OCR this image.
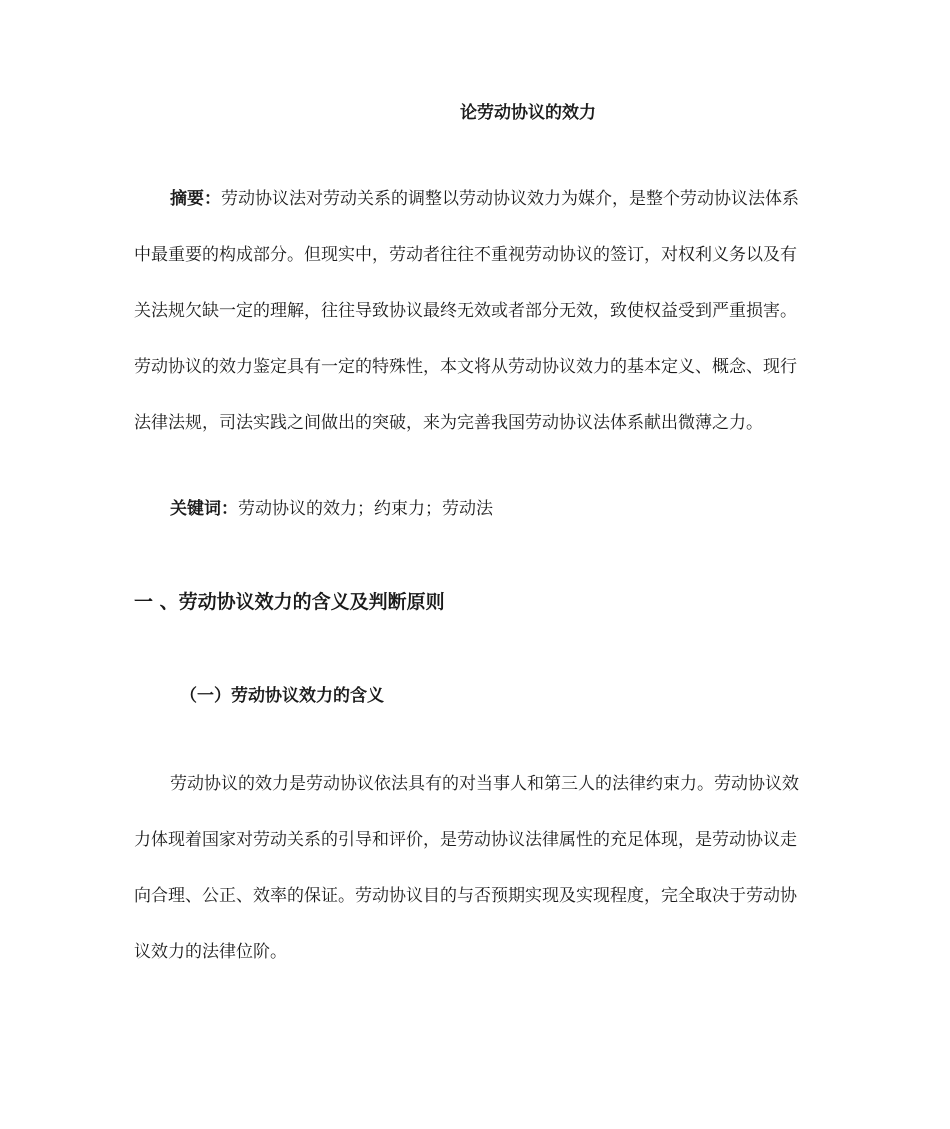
论劳动协议的效力
摘要：劳动协议法对劳动关系的调整以劳动协议效力为媒介，是整个劳动协议法体系
中最重要的构成部分。但现实中，劳动者往往不重视劳动协议的签订，对权利义务以及有
关法规欠缺一定的理解，往往导致协议最终无效或者部分无效，致使权益受到严重损害。
劳动协议的效力鉴定具有一定的特殊性，本文将从劳动协议效力的基本定义、概念、现行
法律法规，司法实践之间做出的突破，来为完善我国劳动协议法体系献出微薄之力。

关键词：劳动协议的效力；约束力；劳动法

一 、劳动协议效力的含义及判断原则
（一）劳动协议效力的含义
劳动协议的效力是劳动协议依法具有的对当事人和第三人的法律约束力。劳动协议效
力体现着国家对劳动关系的引导和评价，是劳动协议法律属性的充足体现，是劳动协议走
向合理、公正、效率的保证。劳动协议目的与否预期实现及实现程度，完全取决于劳动协
议效力的法律位阶。
